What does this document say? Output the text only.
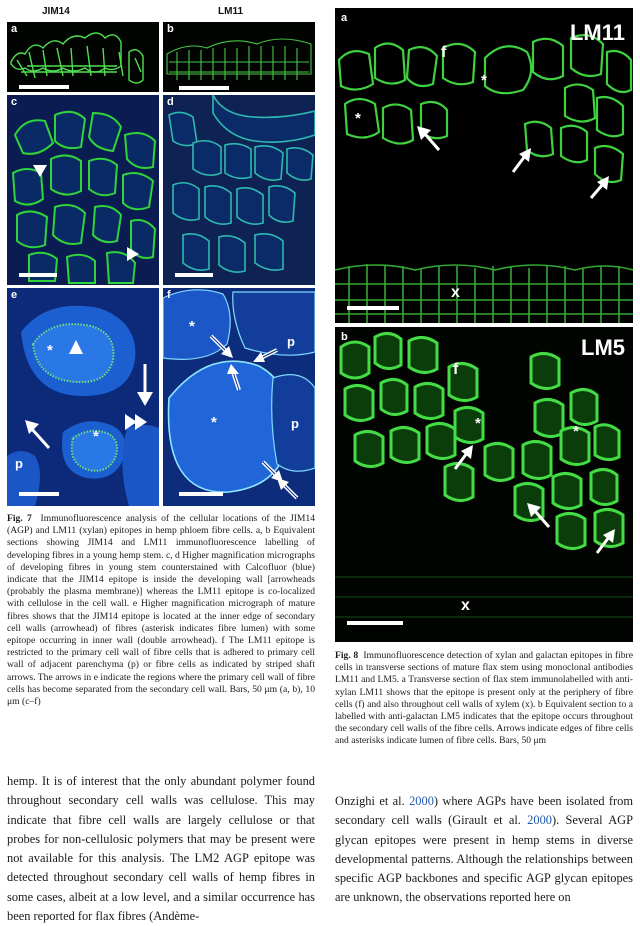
JIM14	LM11
a	b
c	d
e
*
*
p
f
*
*
p
p
Fig. 7 Immunofluorescence analysis of the cellular locations of the JIM14 (AGP) and LM11 (xylan) epitopes in hemp phloem fibre cells. a, b Equivalent sections showing JIM14 and LM11 immunofluorescence labelling of developing fibres in a young hemp stem. c, d Higher magnification micrographs of developing fibres in young stem counterstained with Calcofluor (blue) indicate that the JIM14 epitope is inside the developing wall [arrowheads (probably the plasma membrane)] whereas the LM11 epitope is co-localized with cellulose in the cell wall. e Higher magnification micrograph of mature fibres shows that the JIM14 epitope is located at the inner edge of secondary cell walls (arrowhead) of fibres (asterisk indicates fibre lumen) with some epitope occurring in inner wall (double arrowhead). f The LM11 epitope is restricted to the primary cell wall of fibre cells that is adhered to primary cell wall of adjacent parenchyma (p) or fibre cells as indicated by striped shaft arrows. The arrows in e indicate the regions where the primary cell wall of fibre cells has become separated from the secondary cell wall. Bars, 50 μm (a, b), 10 μm (c–f)
a
LM11
f
x
*
*
b	LM5
f
x
*	*
Fig. 8 Immunofluorescence detection of xylan and galactan epitopes in fibre cells in transverse sections of mature flax stem using monoclonal antibodies LM11 and LM5. a Transverse section of flax stem immunolabelled with anti-xylan LM11 shows that the epitope is present only at the periphery of fibre cells (f) and also throughout cell walls of xylem (x). b Equivalent section to a labelled with anti-galactan LM5 indicates that the epitope occurs throughout the secondary cell walls of the fibre cells. Arrows indicate edges of fibre cells and asterisks indicate lumen of fibre cells. Bars, 50 μm
hemp. It is of interest that the only abundant polymer found throughout secondary cell walls was cellulose. This may indicate that fibre cell walls are largely cellulose or that probes for non-cellulosic polymers that may be present were not available for this analysis. The LM2 AGP epitope was detected throughout secondary cell walls of hemp fibres in some cases, albeit at a low level, and a similar occurrence has been reported for flax fibres (Andème-
Onzighi et al. 2000) where AGPs have been isolated from secondary cell walls (Girault et al. 2000). Several AGP glycan epitopes were present in hemp stems in diverse developmental patterns. Although the relationships between specific AGP backbones and specific AGP glycan epitopes are unknown, the observations reported here on
